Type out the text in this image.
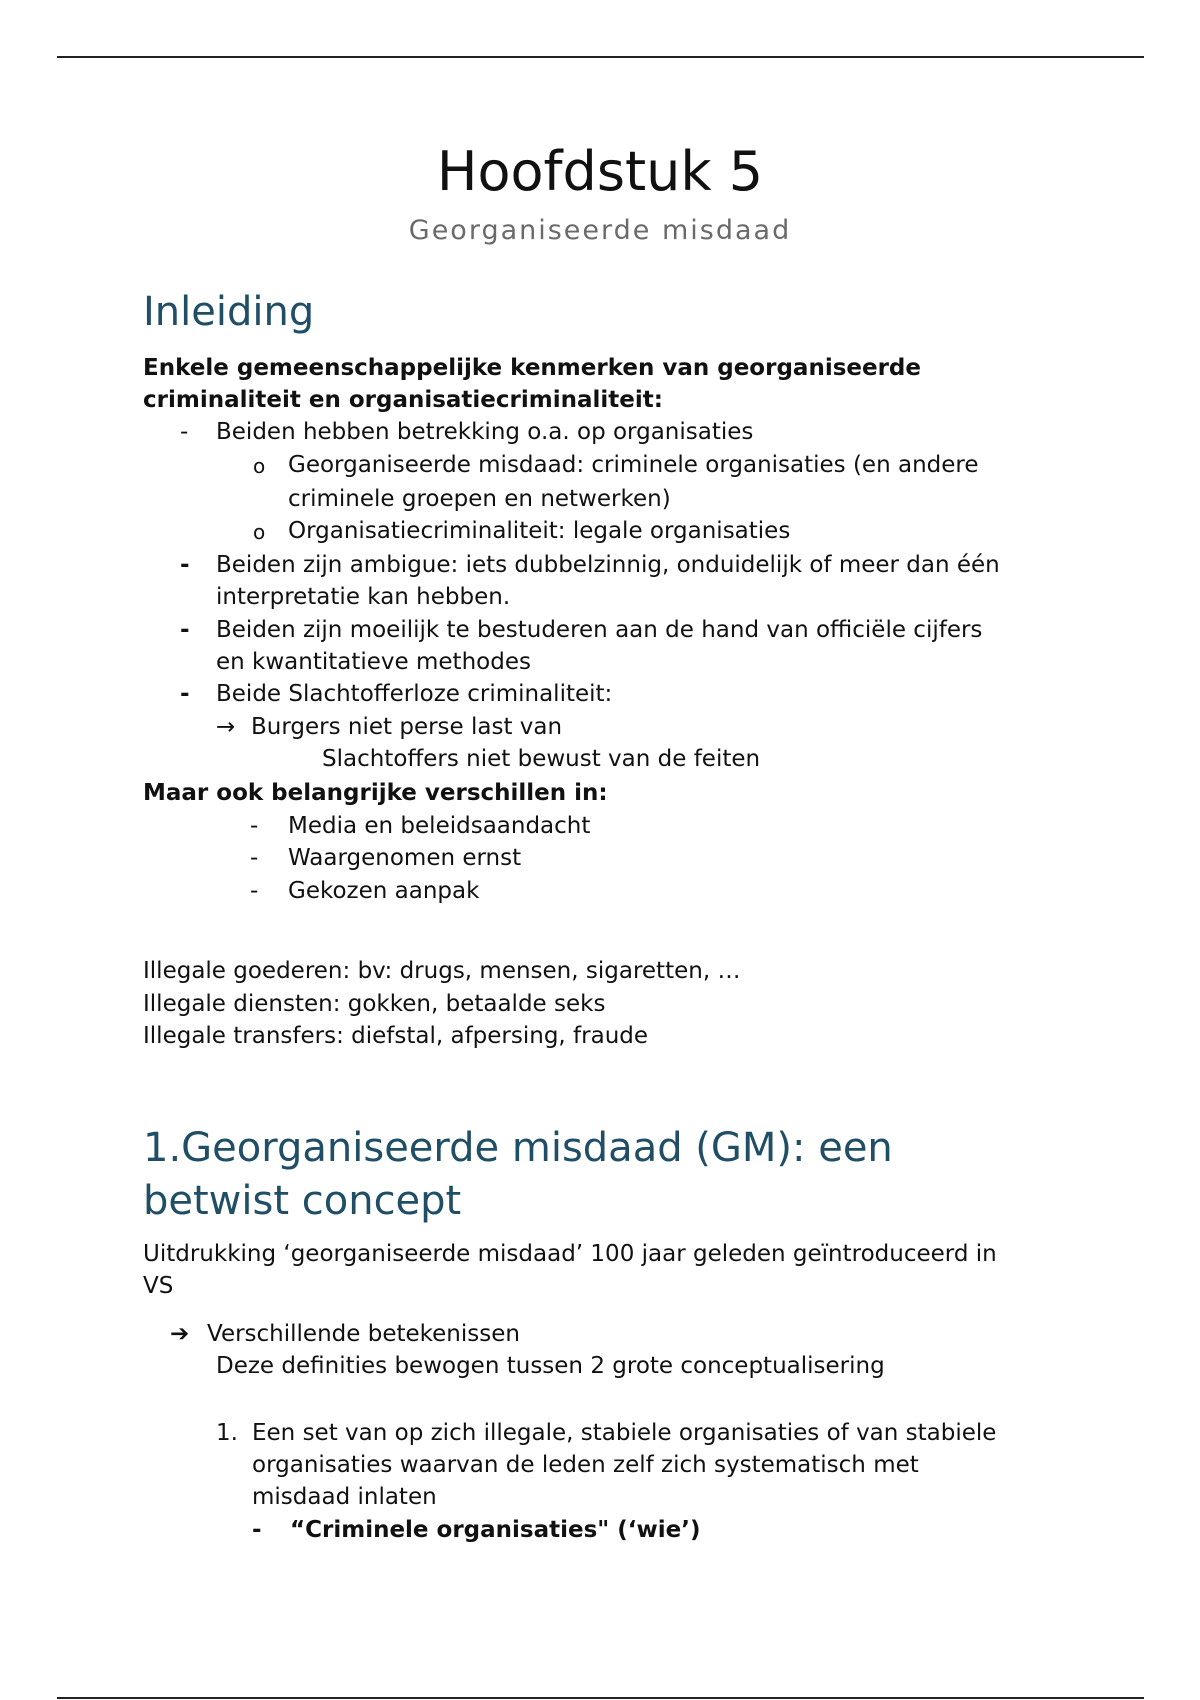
Hoofdstuk 5
Georganiseerde misdaad
Inleiding

Enkele gemeenschappelijke kenmerken van georganiseerde

criminaliteit en organisatiecriminaliteit:

- Beiden hebben betrekking o.a. op organisaties

o Georganiseerde misdaad: criminele organisaties (en andere

criminele groepen en netwerken)

o Organisatiecriminaliteit: legale organisaties

- Beiden zijn ambigue: iets dubbelzinnig, onduidelijk of meer dan één

interpretatie kan hebben.

- Beiden zijn moeilijk te bestuderen aan de hand van officiële cijfers

en kwantitatieve methodes

- Beide Slachtofferloze criminaliteit:

→ Burgers niet perse last van

Slachtoffers niet bewust van de feiten

Maar ook belangrijke verschillen in:

- Media en beleidsaandacht

- Waargenomen ernst

- Gekozen aanpak

Illegale goederen: bv: drugs, mensen, sigaretten, …

Illegale diensten: gokken, betaalde seks

Illegale transfers: diefstal, afpersing, fraude

1.Georganiseerde misdaad (GM): een
betwist concept

Uitdrukking ‘georganiseerde misdaad’ 100 jaar geleden geïntroduceerd in

VS

➔ Verschillende betekenissen

Deze definities bewogen tussen 2 grote conceptualisering

1. Een set van op zich illegale, stabiele organisaties of van stabiele

organisaties waarvan de leden zelf zich systematisch met

misdaad inlaten

- “Criminele organisaties" (‘wie’)
